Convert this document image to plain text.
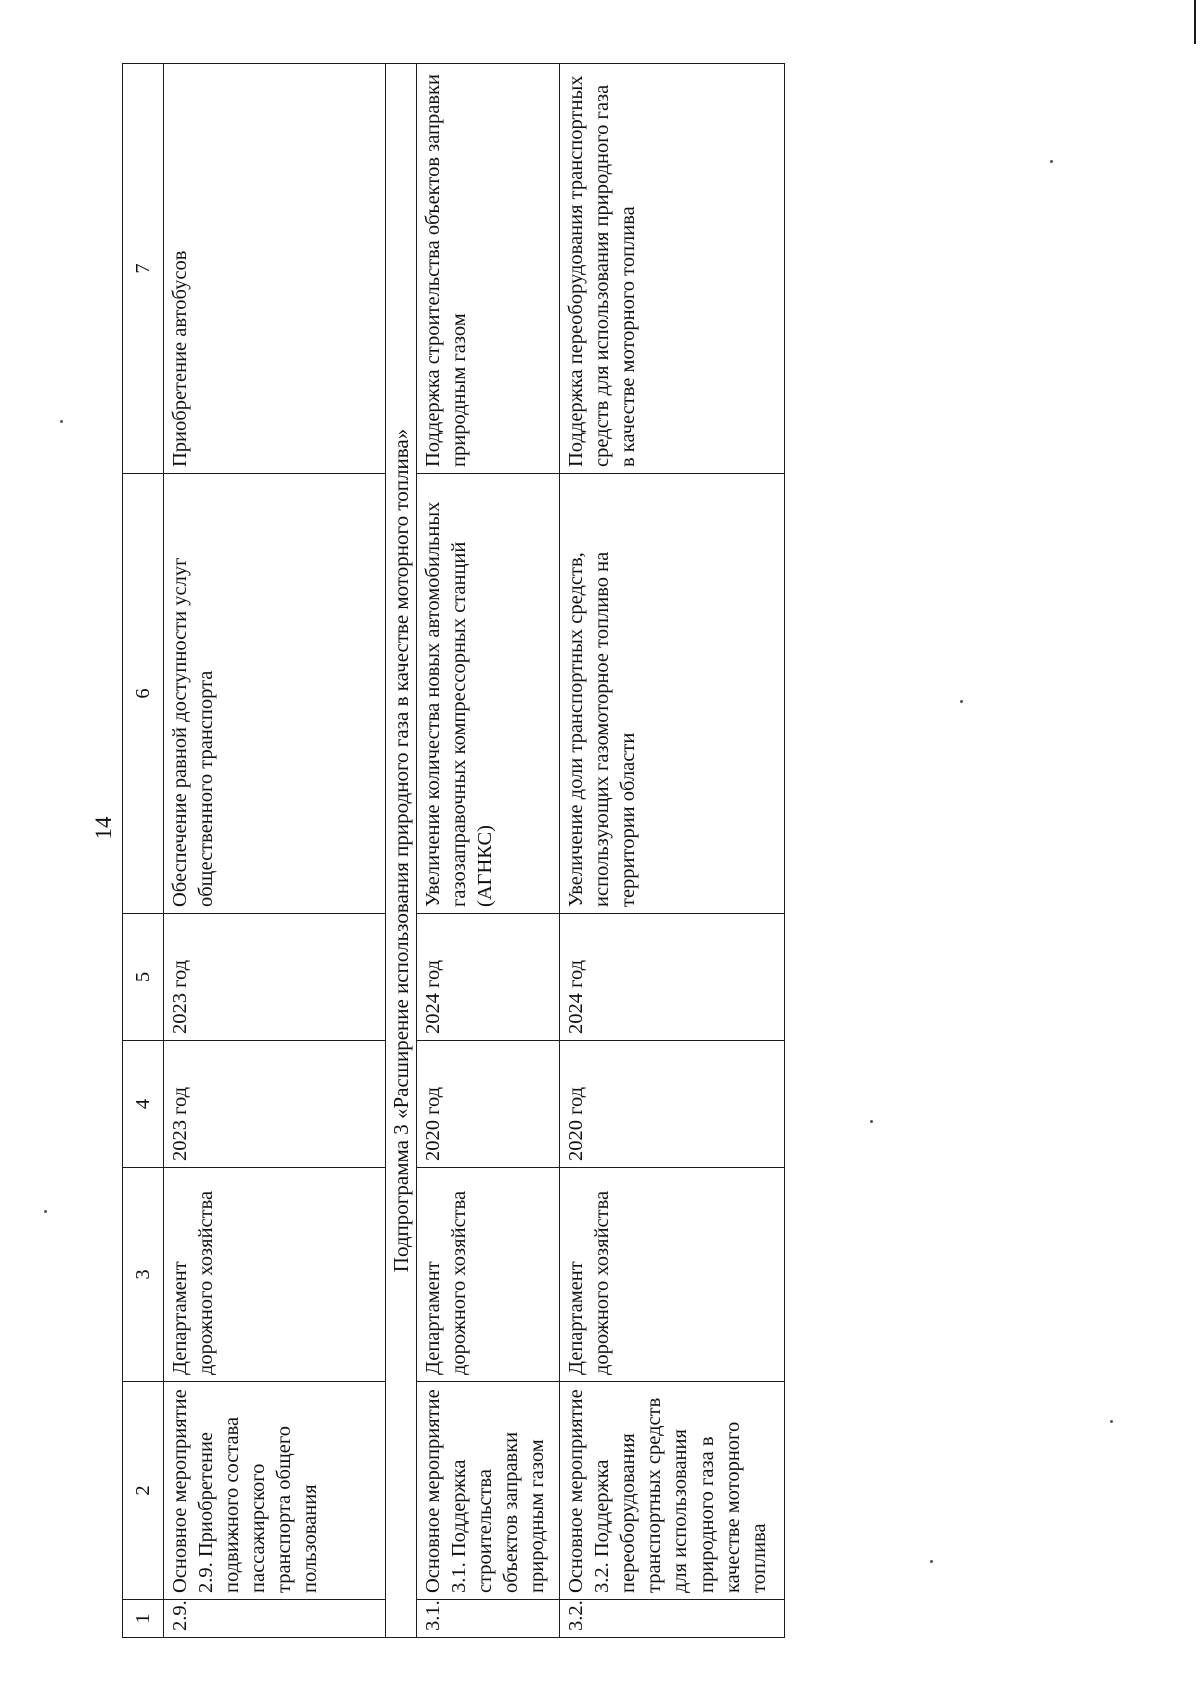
14
1	2	3	4	5	6	7
2.9.	Основное мероприятие 2.9. Приобретение подвижного состава пассажирского транспорта общего пользования	Департамент дорожного хозяйства	2023 год	2023 год	Обеспечение равной доступности услуг общественного транспорта	Приобретение автобусов
Подпрограмма 3 «Расширение использования природного газа в качестве моторного топлива»						
3.1.	Основное мероприятие 3.1. Поддержка строительства объектов заправки природным газом	Департамент дорожного хозяйства	2020 год	2024 год	Увеличение количества новых автомобильных газозаправочных компрессорных станций (АГНКС)	Поддержка строительства объектов заправки природным газом
3.2.	Основное мероприятие 3.2. Поддержка переоборудования транспортных средств для использования природного газа в качестве моторного топлива	Департамент дорожного хозяйства	2020 год	2024 год	Увеличение доли транспортных средств, использующих газомоторное топливо на территории области	Поддержка переоборудования транспортных средств для использования природного газа в качестве моторного топлива
